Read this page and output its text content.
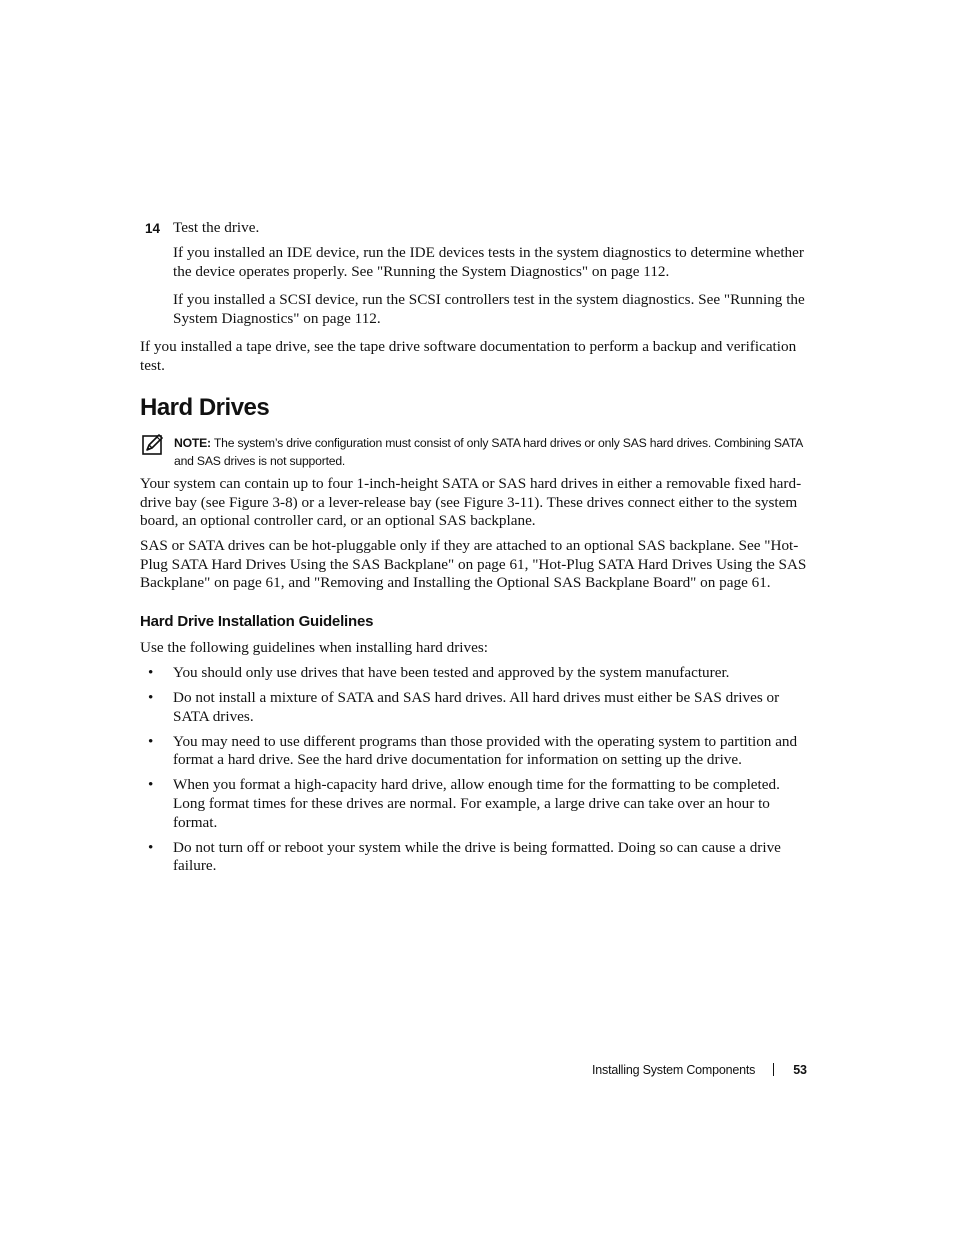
14 Test the drive.
If you installed an IDE device, run the IDE devices tests in the system diagnostics to determine whether the device operates properly. See "Running the System Diagnostics" on page 112.
If you installed a SCSI device, run the SCSI controllers test in the system diagnostics. See "Running the System Diagnostics" on page 112.
If you installed a tape drive, see the tape drive software documentation to perform a backup and verification test.
Hard Drives
NOTE: The system’s drive configuration must consist of only SATA hard drives or only SAS hard drives. Combining SATA and SAS drives is not supported.
Your system can contain up to four 1-inch-height SATA or SAS hard drives in either a removable fixed hard-drive bay (see Figure 3-8) or a lever-release bay (see Figure 3-11). These drives connect either to the system board, an optional controller card, or an optional SAS backplane.
SAS or SATA drives can be hot-pluggable only if they are attached to an optional SAS backplane. See "Hot-Plug SATA Hard Drives Using the SAS Backplane" on page 61, "Hot-Plug SATA Hard Drives Using the SAS Backplane" on page 61, and "Removing and Installing the Optional SAS Backplane Board" on page 61.
Hard Drive Installation Guidelines
Use the following guidelines when installing hard drives:
• You should only use drives that have been tested and approved by the system manufacturer.
• Do not install a mixture of SATA and SAS hard drives. All hard drives must either be SAS drives or SATA drives.
• You may need to use different programs than those provided with the operating system to partition and format a hard drive. See the hard drive documentation for information on setting up the drive.
• When you format a high-capacity hard drive, allow enough time for the formatting to be completed. Long format times for these drives are normal. For example, a large drive can take over an hour to format.
• Do not turn off or reboot your system while the drive is being formatted. Doing so can cause a drive failure.
Installing System Components	53
